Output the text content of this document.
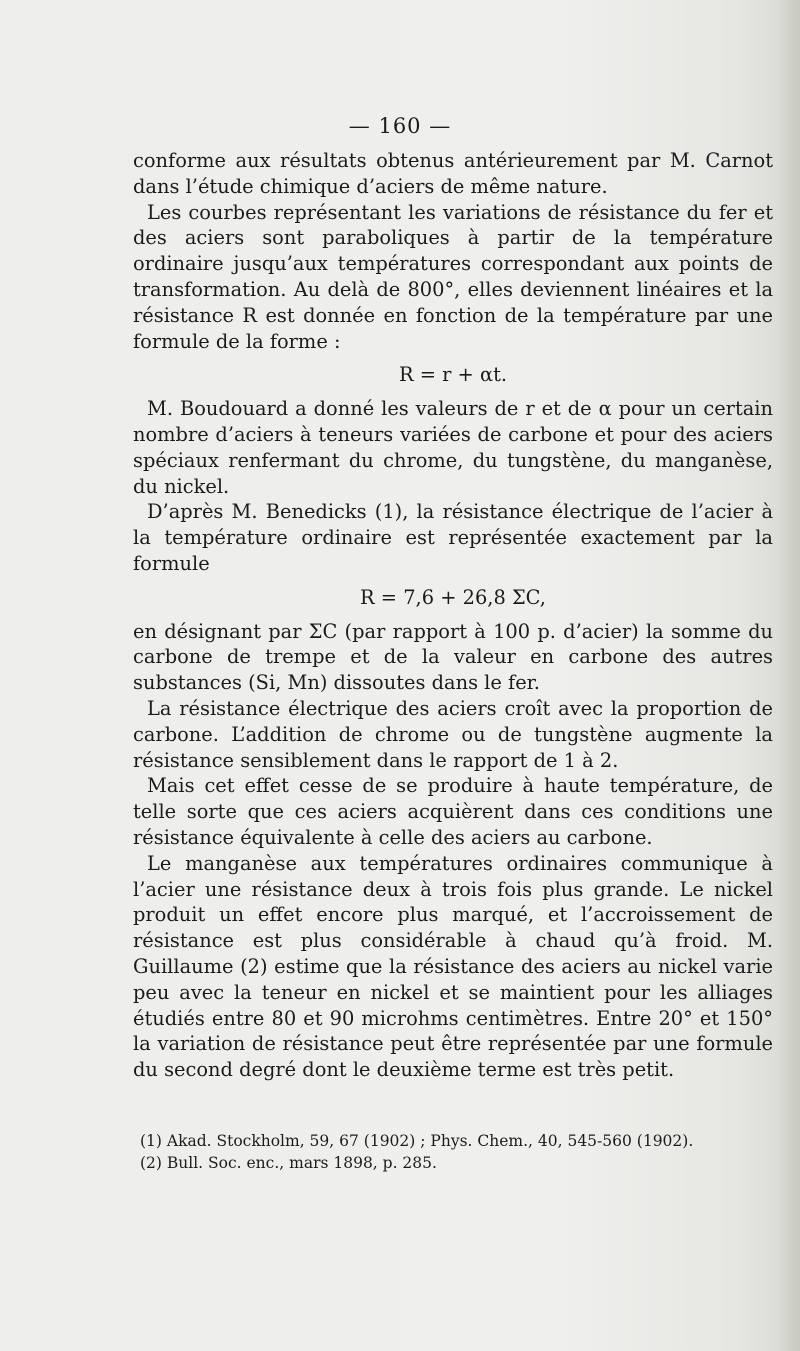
— 160 —

conforme aux résultats obtenus antérieurement par M. Carnot dans l’étude chimique d’aciers de même nature.

Les courbes représentant les variations de résistance du fer et des aciers sont paraboliques à partir de la température ordinaire jusqu’aux températures correspondant aux points de transformation. Au delà de 800°, elles deviennent linéaires et la résistance R est donnée en fonction de la température par une formule de la forme :

R = r + αt.

M. Boudouard a donné les valeurs de r et de α pour un certain nombre d’aciers à teneurs variées de carbone et pour des aciers spéciaux renfermant du chrome, du tungstène, du manganèse, du nickel.

D’après M. Benedicks (1), la résistance électrique de l’acier à la température ordinaire est représentée exactement par la formule

R = 7,6 + 26,8 ΣC,

en désignant par ΣC (par rapport à 100 p. d’acier) la somme du carbone de trempe et de la valeur en carbone des autres substances (Si, Mn) dissoutes dans le fer.

La résistance électrique des aciers croît avec la proportion de carbone. L’addition de chrome ou de tungstène augmente la résistance sensiblement dans le rapport de 1 à 2.

Mais cet effet cesse de se produire à haute température, de telle sorte que ces aciers acquièrent dans ces conditions une résistance équivalente à celle des aciers au carbone.

Le manganèse aux températures ordinaires communique à l’acier une résistance deux à trois fois plus grande. Le nickel produit un effet encore plus marqué, et l’accroissement de résistance est plus considérable à chaud qu’à froid. M. Guillaume (2) estime que la résistance des aciers au nickel varie peu avec la teneur en nickel et se maintient pour les alliages étudiés entre 80 et 90 microhms centimètres. Entre 20° et 150° la variation de résistance peut être représentée par une formule du second degré dont le deuxième terme est très petit.

(1) Akad. Stockholm, 59, 67 (1902) ; Phys. Chem., 40, 545-560 (1902).

(2) Bull. Soc. enc., mars 1898, p. 285.
